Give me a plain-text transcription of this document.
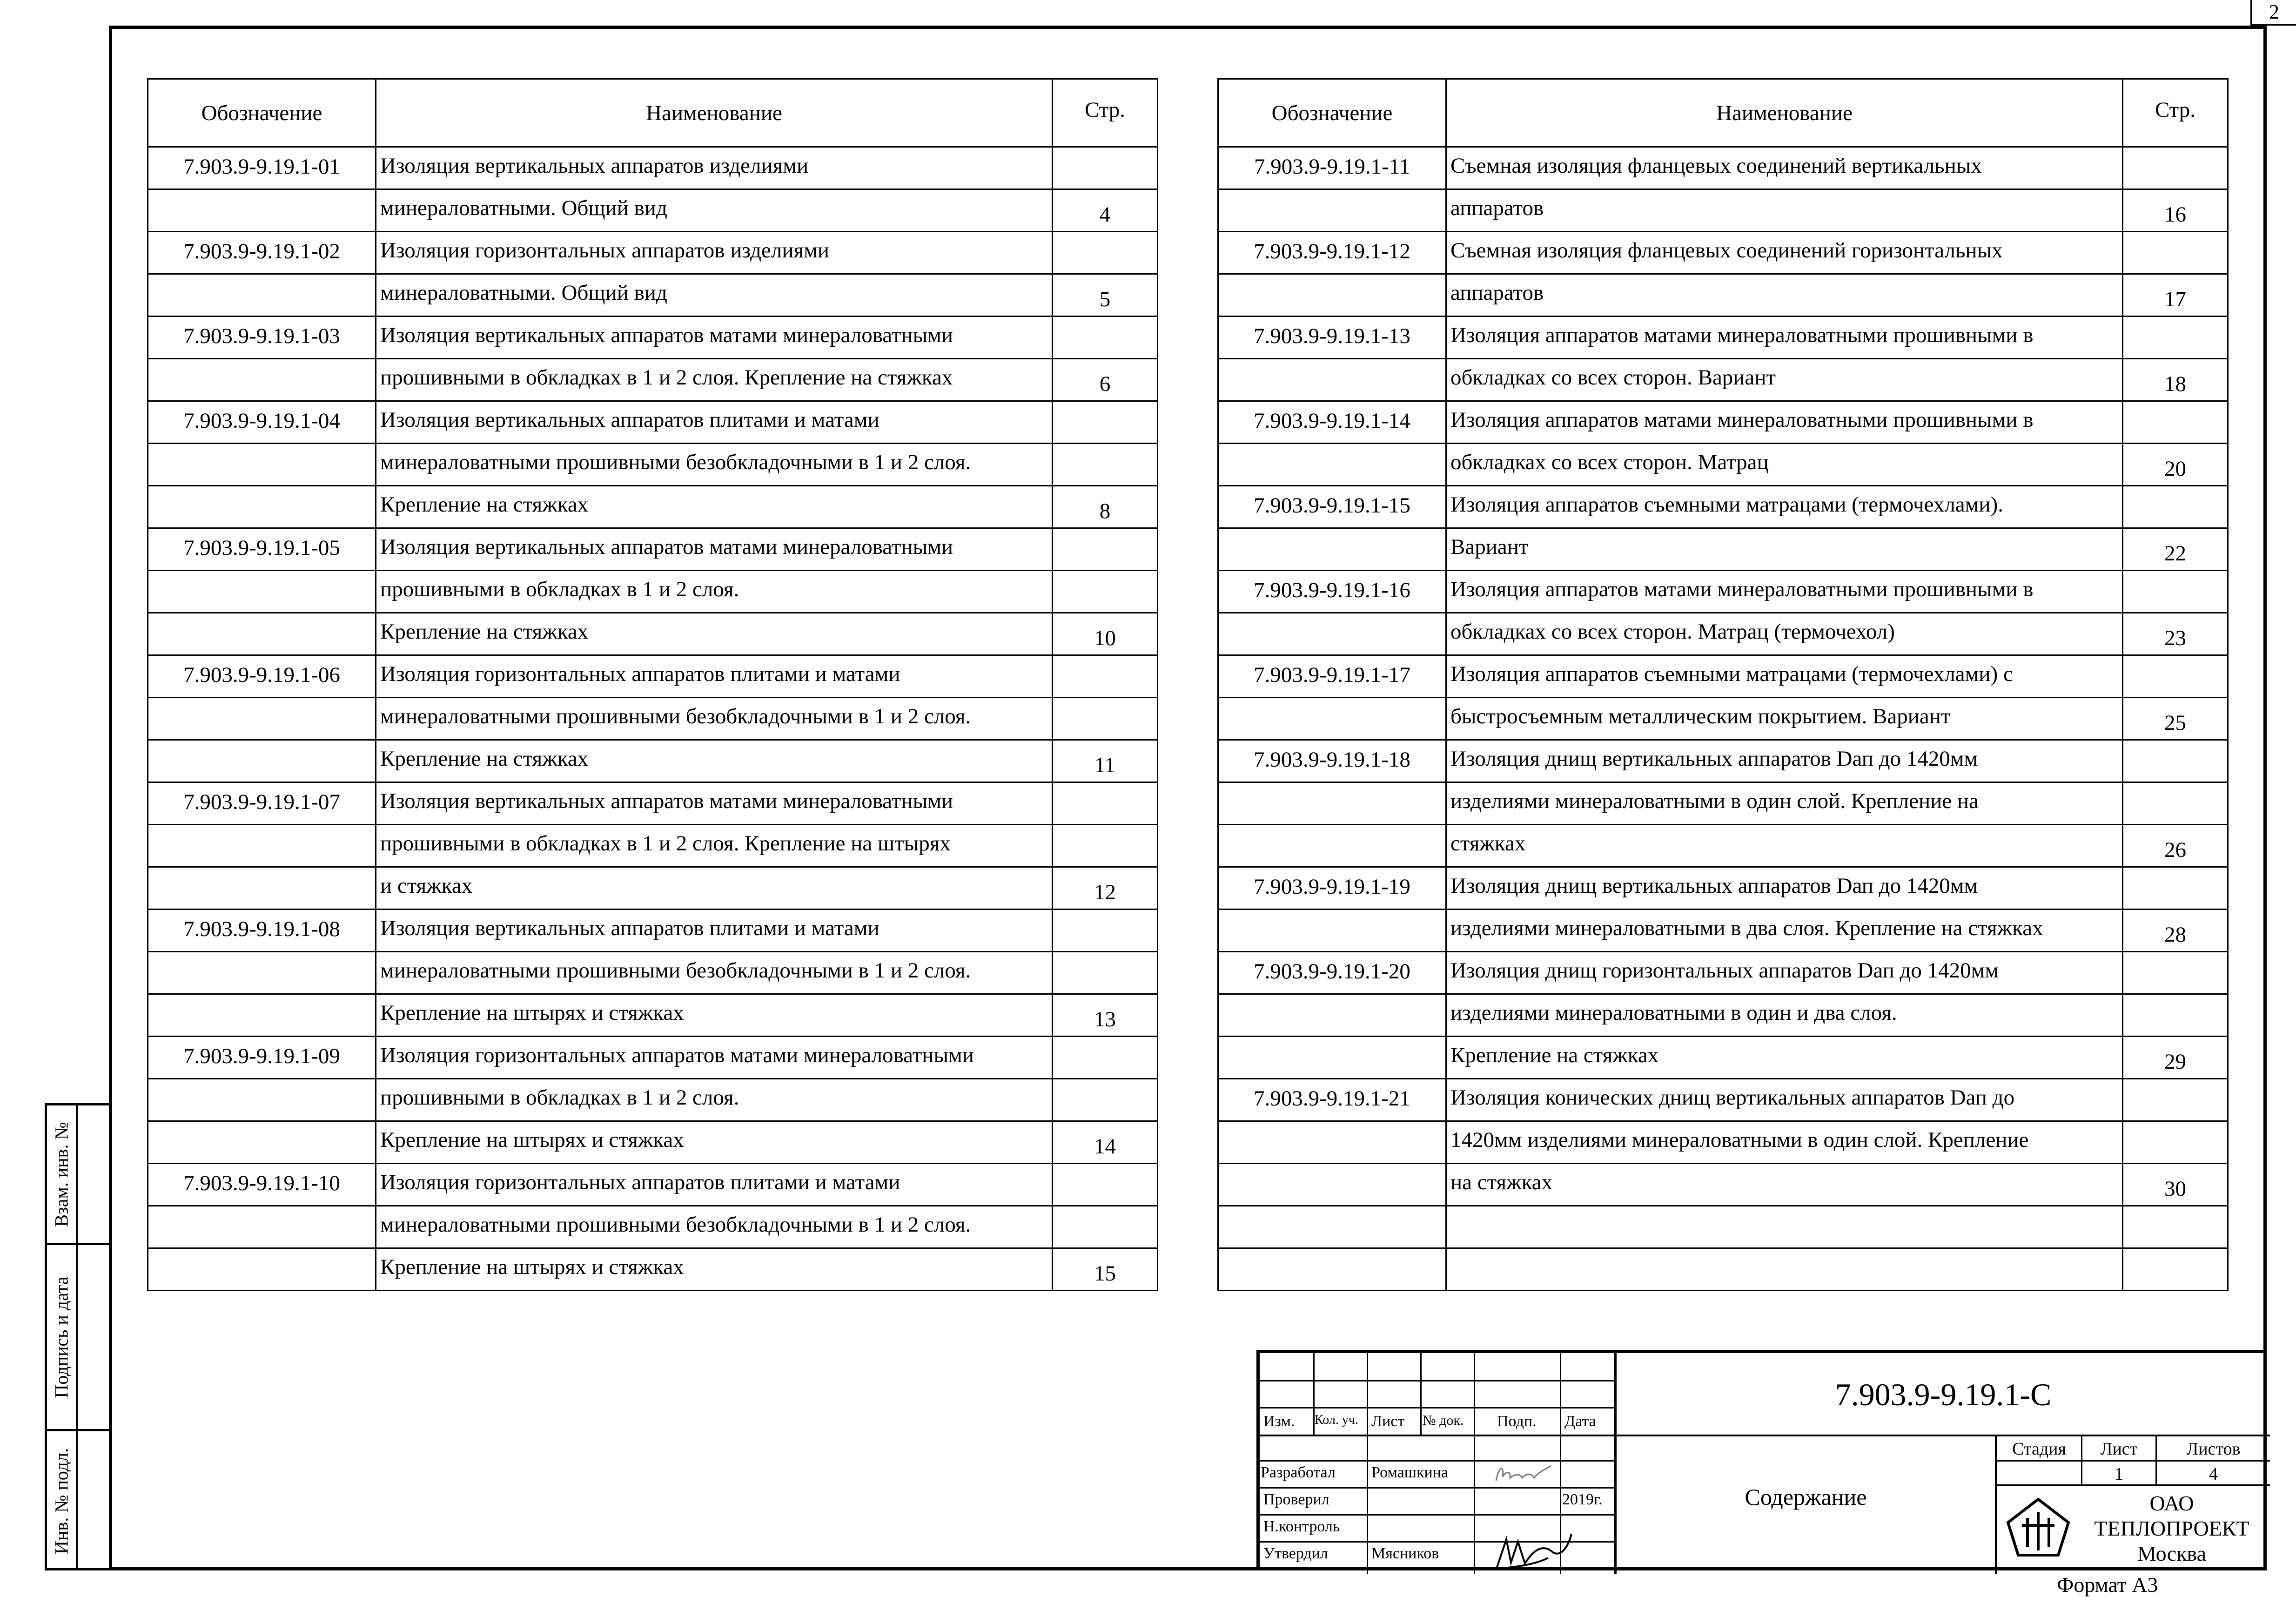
2
Взам. инв. №
Подпись и дата
Инв. № подл.
Обозначение	Наименование	Стр.
7.903.9-9.19.1-01	Изоляция вертикальных аппаратов изделиями	
	минераловатными. Общий вид	4
7.903.9-9.19.1-02	Изоляция горизонтальных аппаратов изделиями	
	минераловатными. Общий вид	5
7.903.9-9.19.1-03	Изоляция вертикальных аппаратов матами минераловатными	
	прошивными в обкладках в 1 и 2 слоя. Крепление на стяжках	6
7.903.9-9.19.1-04	Изоляция вертикальных аппаратов плитами и матами	
	минераловатными прошивными безобкладочными в 1 и 2 слоя.	
	Крепление на стяжках	8
7.903.9-9.19.1-05	Изоляция вертикальных аппаратов матами минераловатными	
	прошивными в обкладках в 1 и 2 слоя.	
	Крепление на стяжках	10
7.903.9-9.19.1-06	Изоляция горизонтальных аппаратов плитами и матами	
	минераловатными прошивными безобкладочными в 1 и 2 слоя.	
	Крепление на стяжках	11
7.903.9-9.19.1-07	Изоляция вертикальных аппаратов матами минераловатными	
	прошивными в обкладках в 1 и 2 слоя. Крепление на штырях	
	и стяжках	12
7.903.9-9.19.1-08	Изоляция вертикальных аппаратов плитами и матами	
	минераловатными прошивными безобкладочными в 1 и 2 слоя.	
	Крепление на штырях и стяжках	13
7.903.9-9.19.1-09	Изоляция горизонтальных аппаратов матами минераловатными	
	прошивными в обкладках в 1 и 2 слоя.	
	Крепление на штырях и стяжках	14
7.903.9-9.19.1-10	Изоляция горизонтальных аппаратов плитами и матами	
	минераловатными прошивными безобкладочными в 1 и 2 слоя.	
	Крепление на штырях и стяжках	15
Обозначение	Наименование	Стр.
7.903.9-9.19.1-11	Съемная изоляция фланцевых соединений вертикальных	
	аппаратов	16
7.903.9-9.19.1-12	Съемная изоляция фланцевых соединений горизонтальных	
	аппаратов	17
7.903.9-9.19.1-13	Изоляция аппаратов матами минераловатными прошивными в	
	обкладках со всех сторон. Вариант	18
7.903.9-9.19.1-14	Изоляция аппаратов матами минераловатными прошивными в	
	обкладках со всех сторон. Матрац	20
7.903.9-9.19.1-15	Изоляция аппаратов съемными матрацами (термочехлами).	
	Вариант	22
7.903.9-9.19.1-16	Изоляция аппаратов матами минераловатными прошивными в	
	обкладках со всех сторон. Матрац (термочехол)	23
7.903.9-9.19.1-17	Изоляция аппаратов съемными матрацами (термочехлами) с	
	быстросъемным металлическим покрытием. Вариант	25
7.903.9-9.19.1-18	Изоляция днищ вертикальных аппаратов Dап до 1420мм	
	изделиями минераловатными в один слой. Крепление на	
	стяжках	26
7.903.9-9.19.1-19	Изоляция днищ вертикальных аппаратов Dап до 1420мм	
	изделиями минераловатными в два слоя. Крепление на стяжках	28
7.903.9-9.19.1-20	Изоляция днищ горизонтальных аппаратов Dап до 1420мм	
	изделиями минераловатными в один и два слоя.	
	Крепление на стяжках	29
7.903.9-9.19.1-21	Изоляция конических днищ вертикальных аппаратов Dап до	
	1420мм изделиями минераловатными в один слой. Крепление	
	на стяжках	30

Изм. Кол. уч. Лист № док. Подп. Дата
Разработал Ромашкина
Проверил	2019г.
Н.контроль
Утвердил	Мясников
7.903.9-9.19.1-С
Содержание
Стадия	Лист	Листов
1	4
ОАО
ТЕПЛОПРОЕКТ
Москва
Формат А3
